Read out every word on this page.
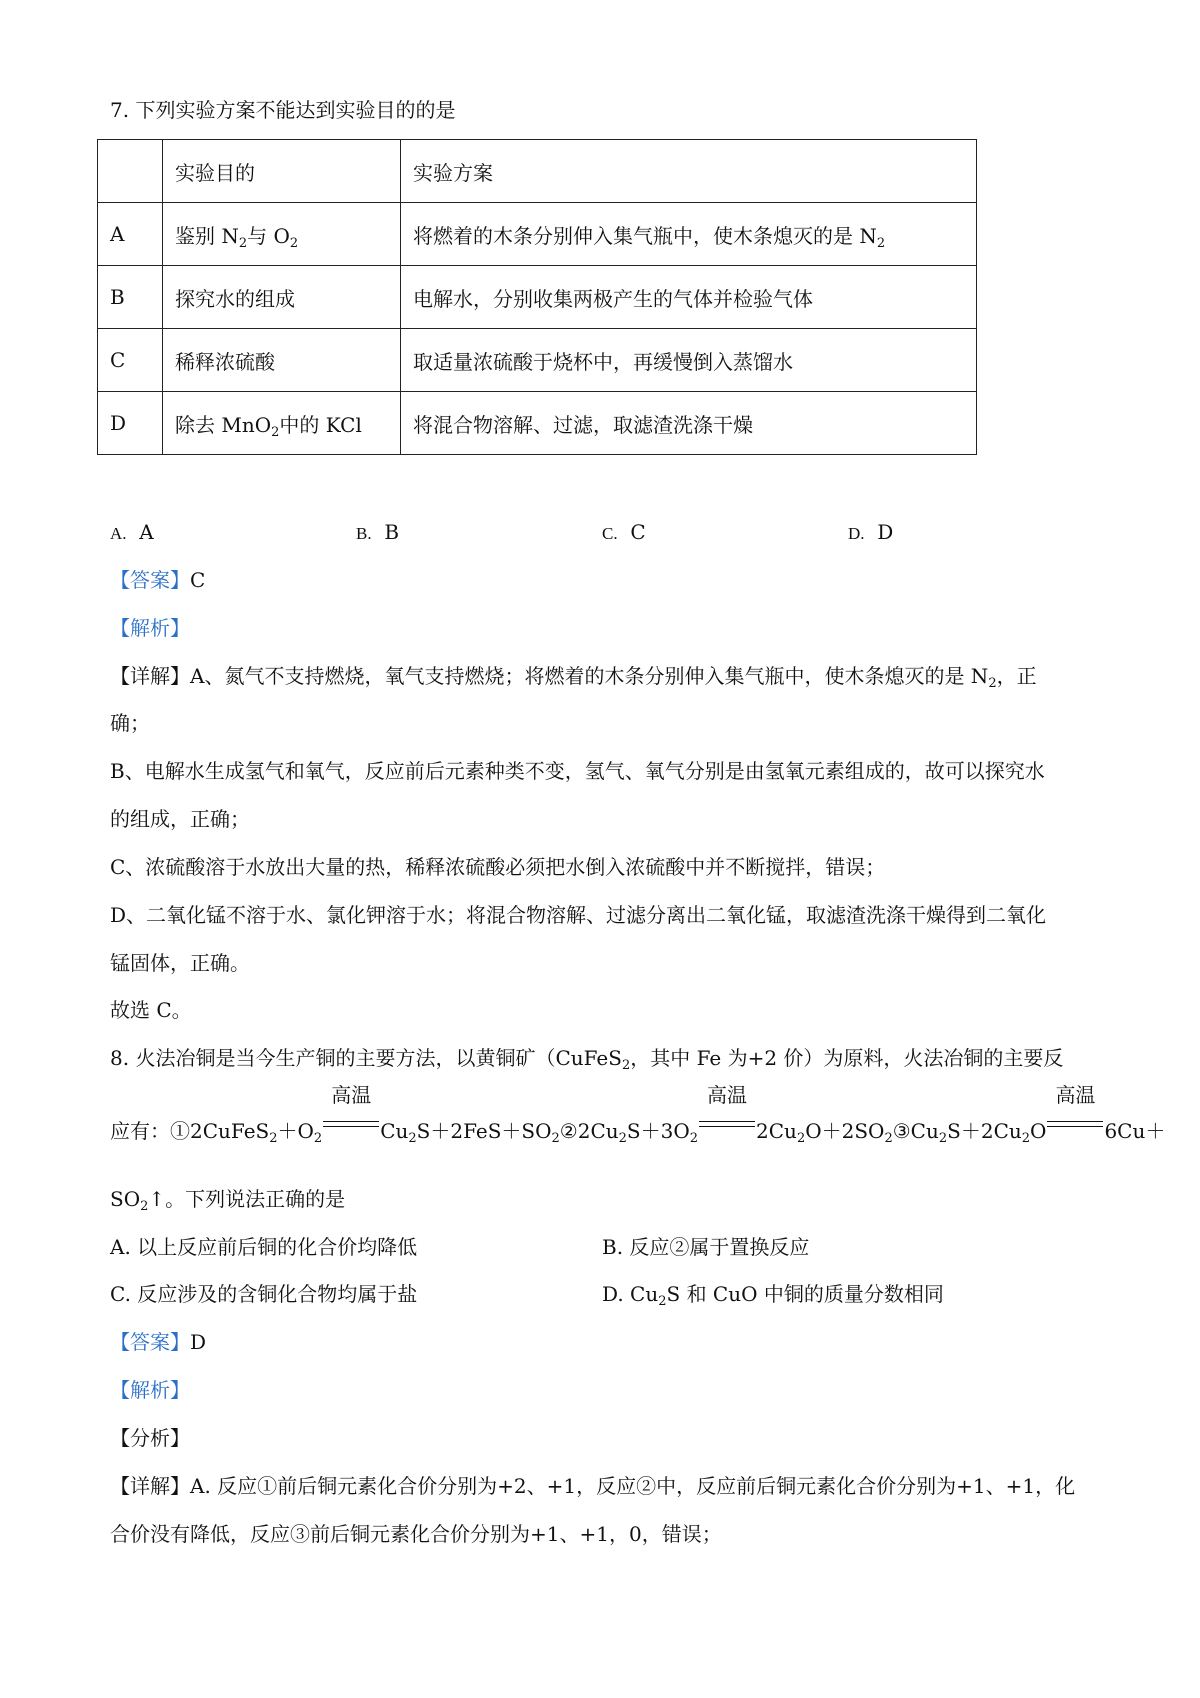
7. 下列实验方案不能达到实验目的的是
	实验目的	实验方案
A	鉴别 $N_2$与 $O_2$	将燃着的木条分别伸入集气瓶中，使木条熄灭的是 $N_2$
B	探究水的组成	电解水，分别收集两极产生的气体并检验气体
C	稀释浓硫酸	取适量浓硫酸于烧杯中，再缓慢倒入蒸馏水
D	除去 MnO$_2$中的 KCl	将混合物溶解、过滤，取滤渣洗涤干燥
A. A	B. B	C. C	D. D
【答案】C
【解析】
【详解】A、氮气不支持燃烧，氧气支持燃烧；将燃着的木条分别伸入集气瓶中，使木条熄灭的是 $N_2$，正
确；
B、电解水生成氢气和氧气，反应前后元素种类不变，氢气、氧气分别是由氢氧元素组成的，故可以探究水
的组成，正确；
C、浓硫酸溶于水放出大量的热，稀释浓硫酸必须把水倒入浓硫酸中并不断搅拌，错误；
D、二氧化锰不溶于水、氯化钾溶于水；将混合物溶解、过滤分离出二氧化锰，取滤渣洗涤干燥得到二氧化
锰固体，正确。
故选 C。
8. 火法冶铜是当今生产铜的主要方法，以黄铜矿（CuFeS$_2$，其中 Fe 为+2 价）为原料，火法冶铜的主要反
应有：$①2CuFeS_2+O_2$
高温
$Cu_2S+2FeS+SO_2②2Cu_2S+3O_2$
高温
$2Cu_2O+2SO_2③Cu_2S+2Cu_2O$
高温
6Cu＋
$SO_2↑$。下列说法正确的是
A. 以上反应前后铜的化合价均降低	B. 反应②属于置换反应
C. 反应涉及的含铜化合物均属于盐	D. $Cu_2S$ 和 CuO 中铜的质量分数相同
【答案】D
【解析】
【分析】
【详解】A. 反应①前后铜元素化合价分别为+2、+1，反应②中，反应前后铜元素化合价分别为+1、+1，化
合价没有降低，反应③前后铜元素化合价分别为+1、+1，0，错误；
